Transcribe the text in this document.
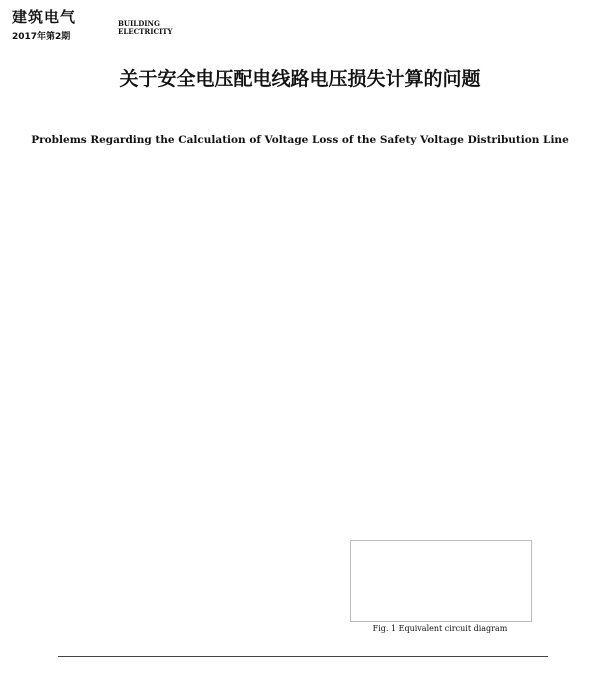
建筑电气
2017年第2期
BUILDING
ELECTRICITY
关于安全电压配电线路电压损失计算的问题
Problems Regarding the Calculation of Voltage Loss of the Safety Voltage Distribution Line
Fig. 1 Equivalent circuit diagram
